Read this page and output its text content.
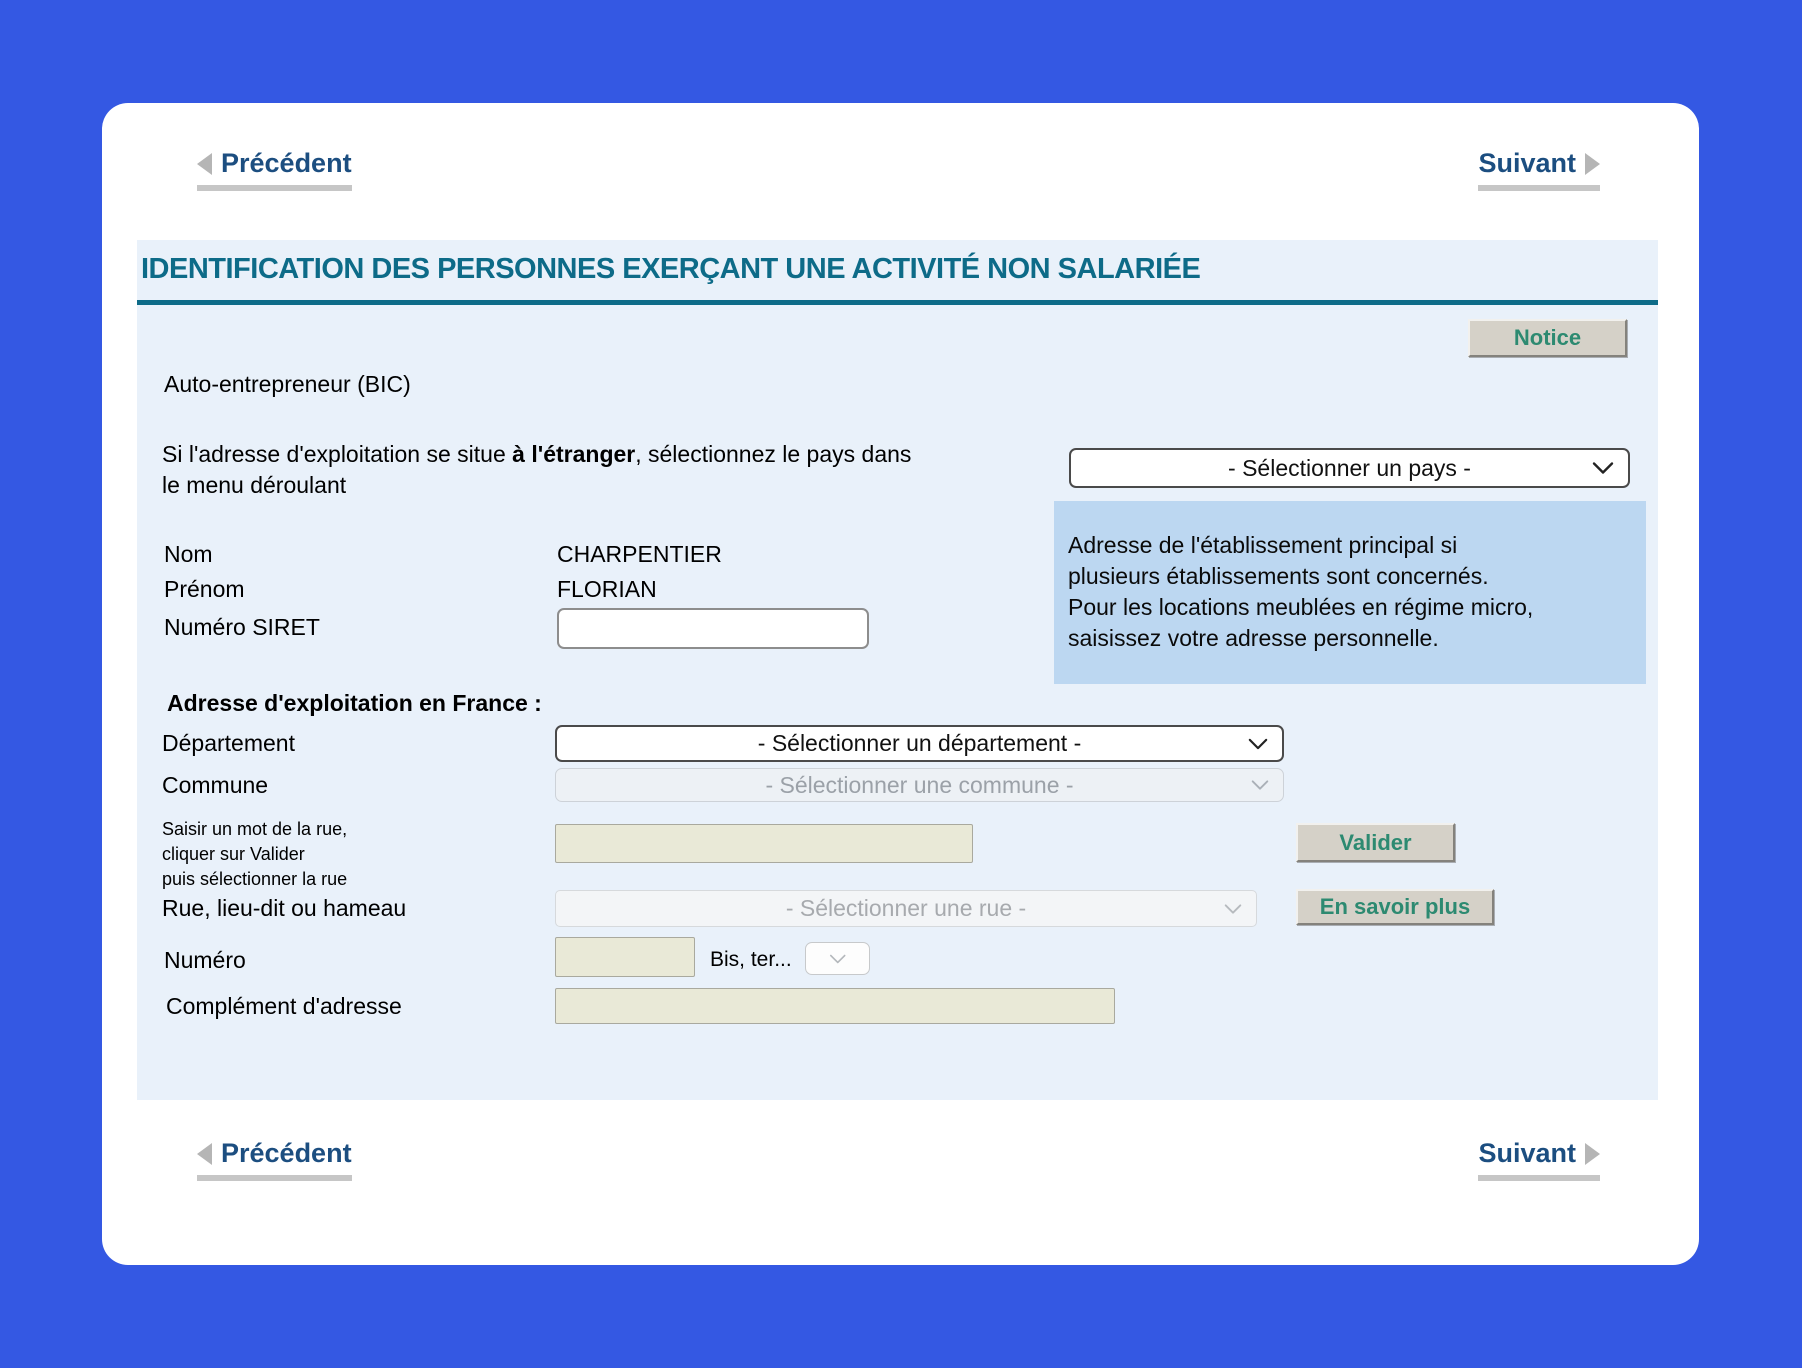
Précédent	Suivant
IDENTIFICATION DES PERSONNES EXERÇANT UNE ACTIVITÉ NON SALARIÉE
Notice
Auto-entrepreneur (BIC)
Si l'adresse d'exploitation se situe à l'étranger, sélectionnez le pays dans
le menu déroulant
- Sélectionner un pays -
Nom	CHARPENTIER
Prénom	FLORIAN
Numéro SIRET
Adresse de l'établissement principal si
plusieurs établissements sont concernés.
Pour les locations meublées en régime micro,
saisissez votre adresse personnelle.
Adresse d'exploitation en France :
Département	- Sélectionner un département -
Commune	- Sélectionner une commune -
Saisir un mot de la rue,
cliquer sur Valider
puis sélectionner la rue
Valider
Rue, lieu-dit ou hameau	- Sélectionner une rue -	En savoir plus
Numéro	Bis, ter...
Complément d'adresse
Précédent	Suivant
